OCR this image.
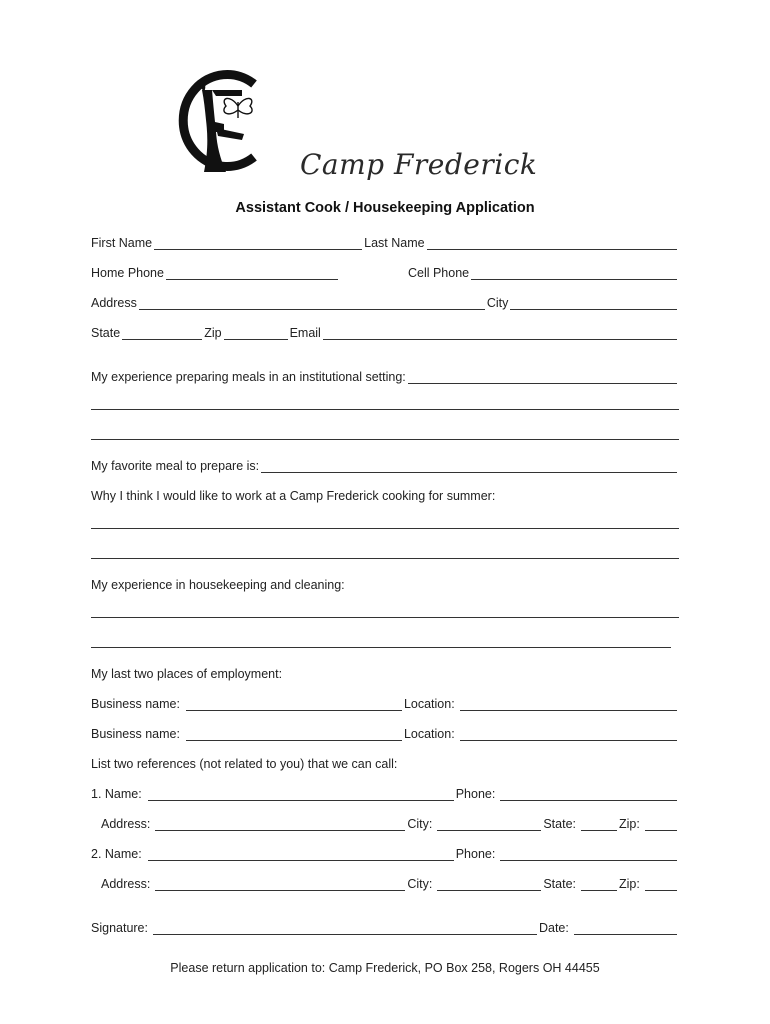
Camp Frederick
Assistant Cook / Housekeeping Application
First Name	Last Name
Home Phone	Cell Phone
Address	City
State	Zip	Email
My experience preparing meals in an institutional setting:
My favorite meal to prepare is:
Why I think I would like to work at a Camp Frederick cooking for summer:
My experience in housekeeping and cleaning:
My last two places of employment:
Business name:	Location:
Business name:	Location:
List two references (not related to you) that we can call:
1. Name:	Phone:
Address:	City:	State:	Zip:
2. Name:	Phone:
Address:	City:	State:	Zip:
Signature:	Date:
Please return application to: Camp Frederick, PO Box 258, Rogers OH 44455
